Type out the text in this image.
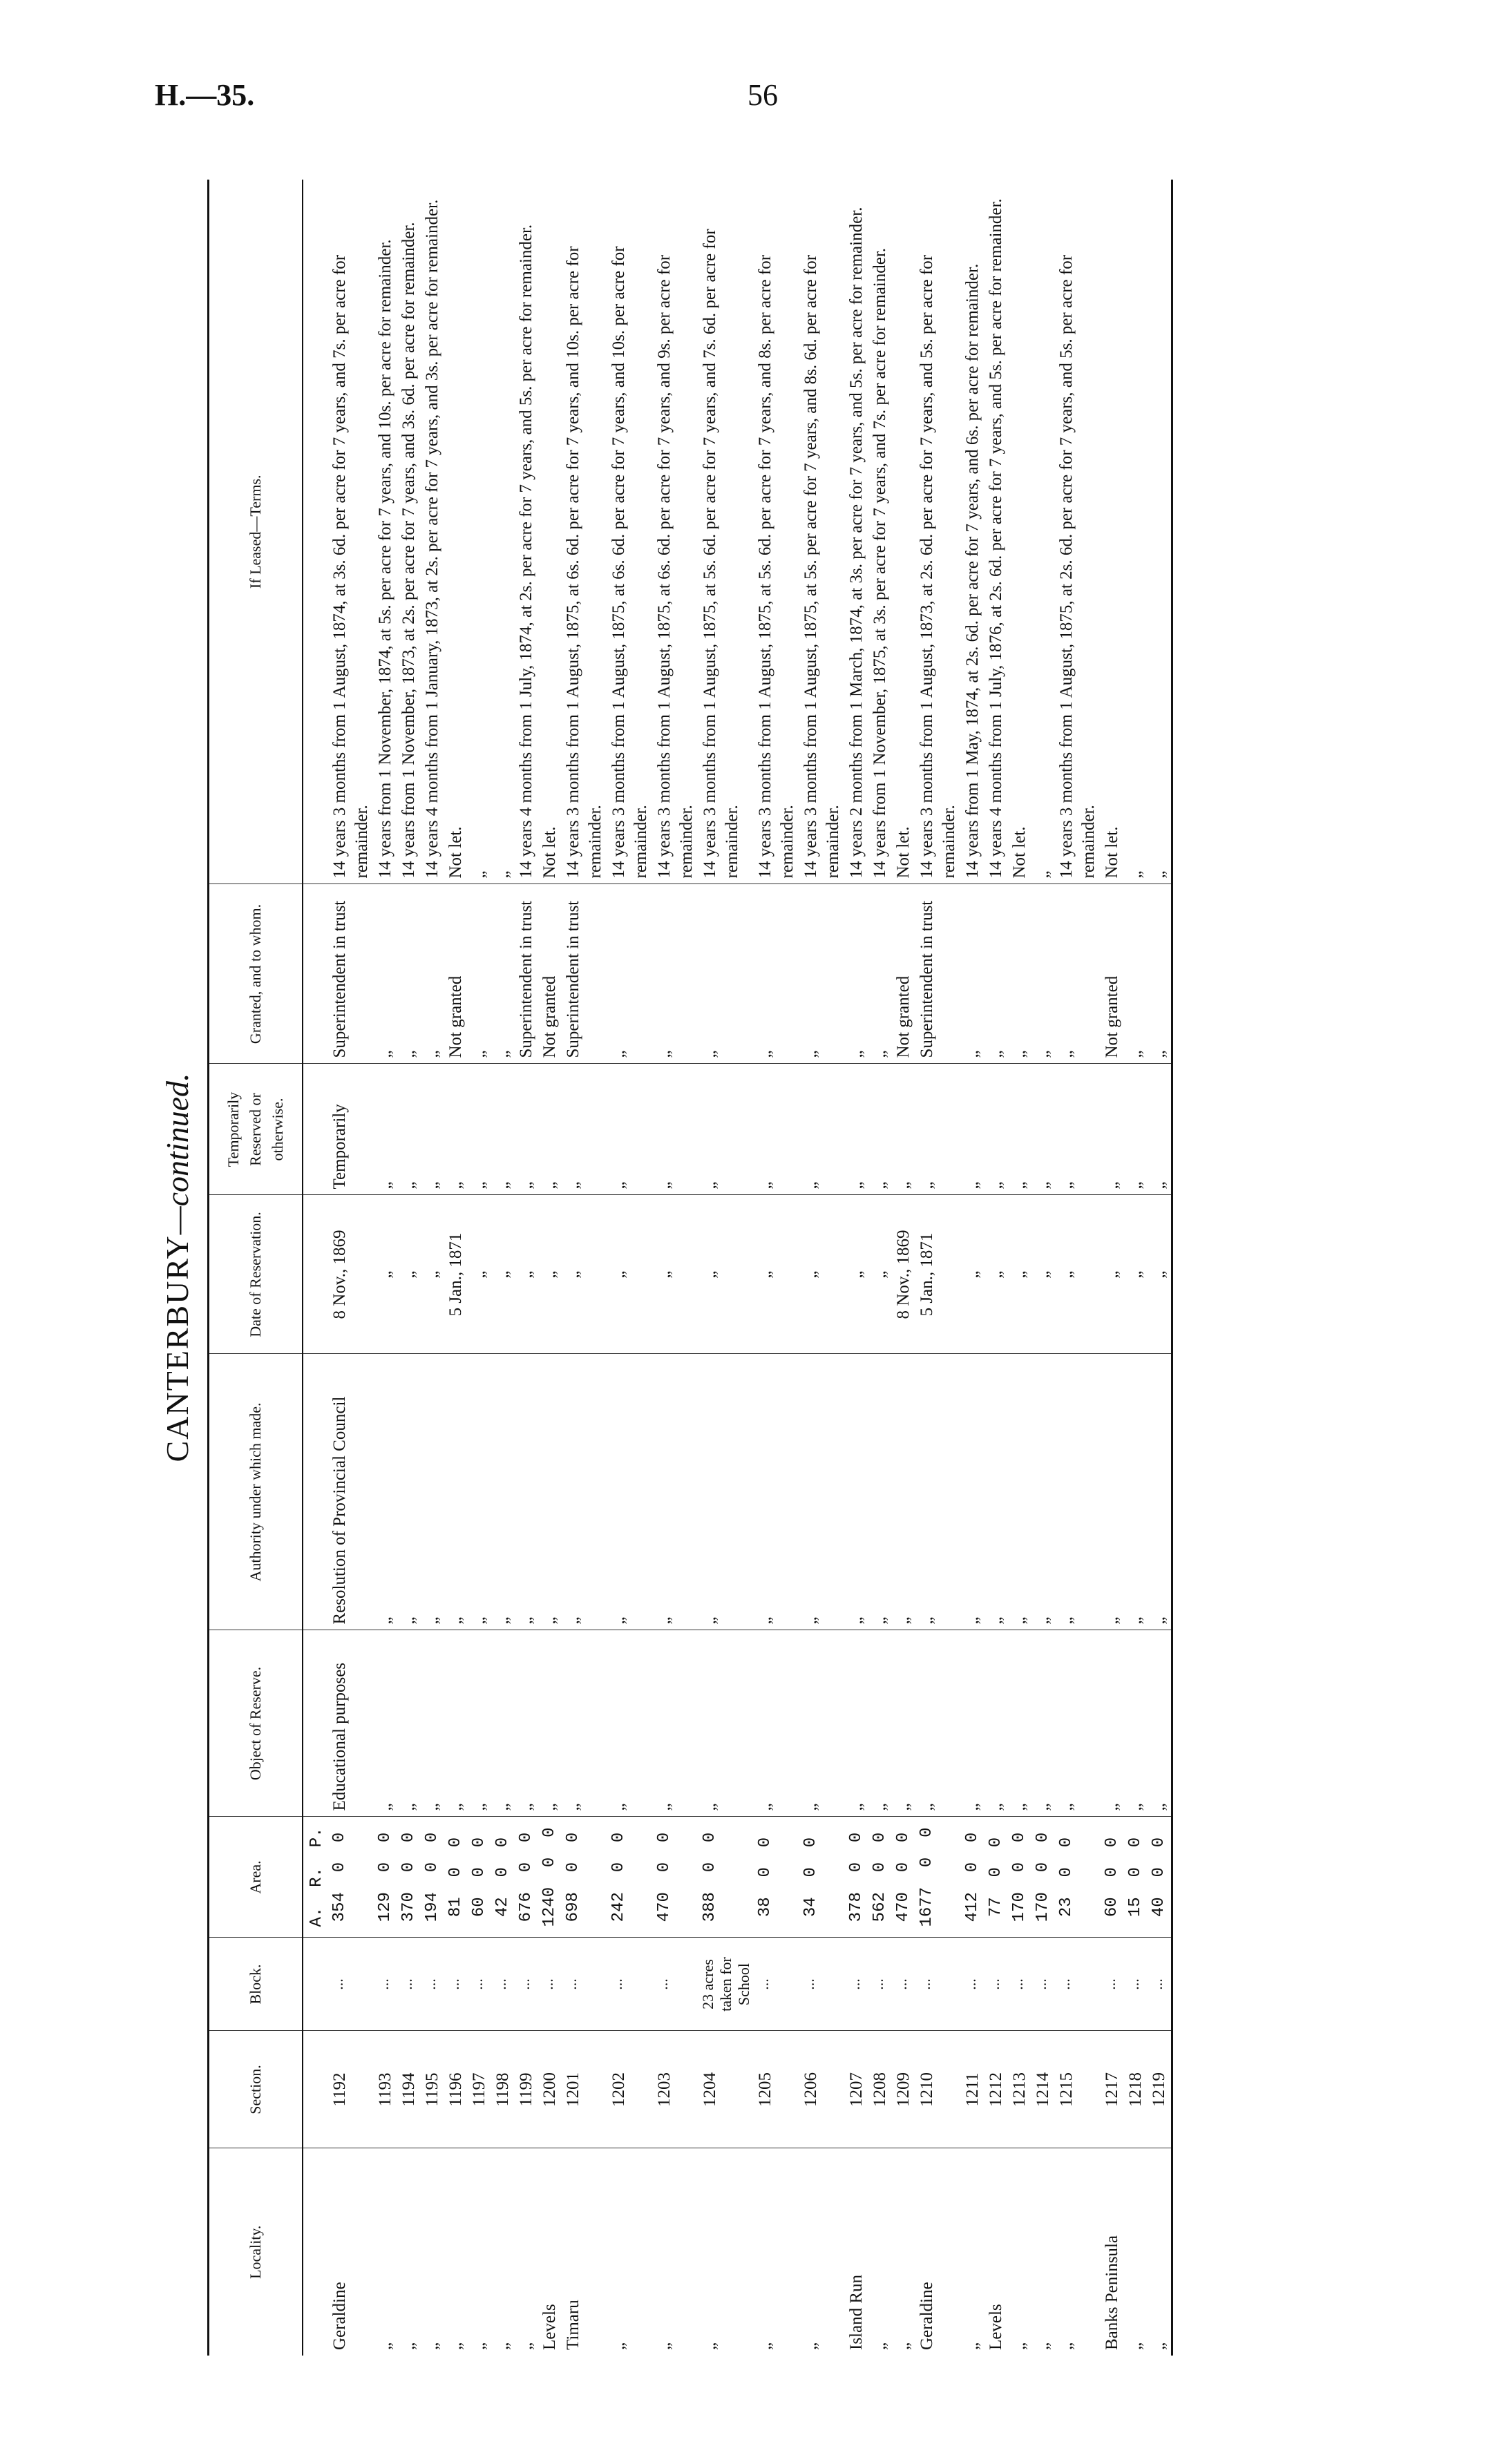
H.—35.	56
CANTERBURY—continued.
Locality.	Section.	Block.	Area.	Object of Reserve.	Authority under which made.	Date of Reservation.	Temporarily Reserved or otherwise.	Granted, and to whom.	If Leased—Terms.
			A.  R.  P.						
Geraldine	1192	...	354  0  0	Educational purposes	Resolution of Provincial Council	8 Nov., 1869	Temporarily	Superintendent in trust	14 years 3 months from 1 August, 1874, at 3s. 6d. per acre for 7 years, and 7s. per acre for remainder.
„	1193	...	129  0  0	„	„	„	„	„	14 years from 1 November, 1874, at 5s. per acre for 7 years, and 10s. per acre for remainder.
„	1194	...	370  0  0	„	„	„	„	„	14 years from 1 November, 1873, at 2s. per acre for 7 years, and 3s. 6d. per acre for remainder.
„	1195	...	194  0  0	„	„	„	„	„	14 years 4 months from 1 January, 1873, at 2s. per acre for 7 years, and 3s. per acre for remainder.
„	1196	...	81  0  0	„	„	5 Jan., 1871	„	Not granted	Not let.
„	1197	...	60  0  0	„	„	„	„	„	„
„	1198	...	42  0  0	„	„	„	„	„	„
„	1199	...	676  0  0	„	„	„	„	Superintendent in trust	14 years 4 months from 1 July, 1874, at 2s. per acre for 7 years, and 5s. per acre for remainder.
Levels	1200	...	1240  0  0	„	„	„	„	Not granted	Not let.
Timaru	1201	...	698  0  0	„	„	„	„	Superintendent in trust	14 years 3 months from 1 August, 1875, at 6s. 6d. per acre for 7 years, and 10s. per acre for remainder.
„	1202	...	242  0  0	„	„	„	„	„	14 years 3 months from 1 August, 1875, at 6s. 6d. per acre for 7 years, and 10s. per acre for remainder.
„	1203	...	470  0  0	„	„	„	„	„	14 years 3 months from 1 August, 1875, at 6s. 6d. per acre for 7 years, and 9s. per acre for remainder.
„	1204	23 acres taken for School	388  0  0	„	„	„	„	„	14 years 3 months from 1 August, 1875, at 5s. 6d. per acre for 7 years, and 7s. 6d. per acre for remainder.
„	1205	...	38  0  0	„	„	„	„	„	14 years 3 months from 1 August, 1875, at 5s. 6d. per acre for 7 years, and 8s. per acre for remainder.
„	1206	...	34  0  0	„	„	„	„	„	14 years 3 months from 1 August, 1875, at 5s. per acre for 7 years, and 8s. 6d. per acre for remainder.
Island Run	1207	...	378  0  0	„	„	„	„	„	14 years 2 months from 1 March, 1874, at 3s. per acre for 7 years, and 5s. per acre for remainder.
„	1208	...	562  0  0	„	„	„	„	„	14 years from 1 November, 1875, at 3s. per acre for 7 years, and 7s. per acre for remainder.
„	1209	...	470  0  0	„	„	8 Nov., 1869	„	Not granted	Not let.
Geraldine	1210	...	1677  0  0	„	„	5 Jan., 1871	„	Superintendent in trust	14 years 3 months from 1 August, 1873, at 2s. 6d. per acre for 7 years, and 5s. per acre for remainder.
„	1211	...	412  0  0	„	„	„	„	„	14 years from 1 May, 1874, at 2s. 6d. per acre for 7 years, and 6s. per acre for remainder.
Levels	1212	...	77  0  0	„	„	„	„	„	14 years 4 months from 1 July, 1876, at 2s. 6d. per acre for 7 years, and 5s. per acre for remainder.
„	1213	...	170  0  0	„	„	„	„	„	Not let.
„	1214	...	170  0  0	„	„	„	„	„	„
„	1215	...	23  0  0	„	„	„	„	„	14 years 3 months from 1 August, 1875, at 2s. 6d. per acre for 7 years, and 5s. per acre for remainder.
Banks Peninsula	1217	...	60  0  0	„	„	„	„	Not granted	Not let.
„	1218	...	15  0  0	„	„	„	„	„	„
„	1219	...	40  0  0	„	„	„	„	„	„
